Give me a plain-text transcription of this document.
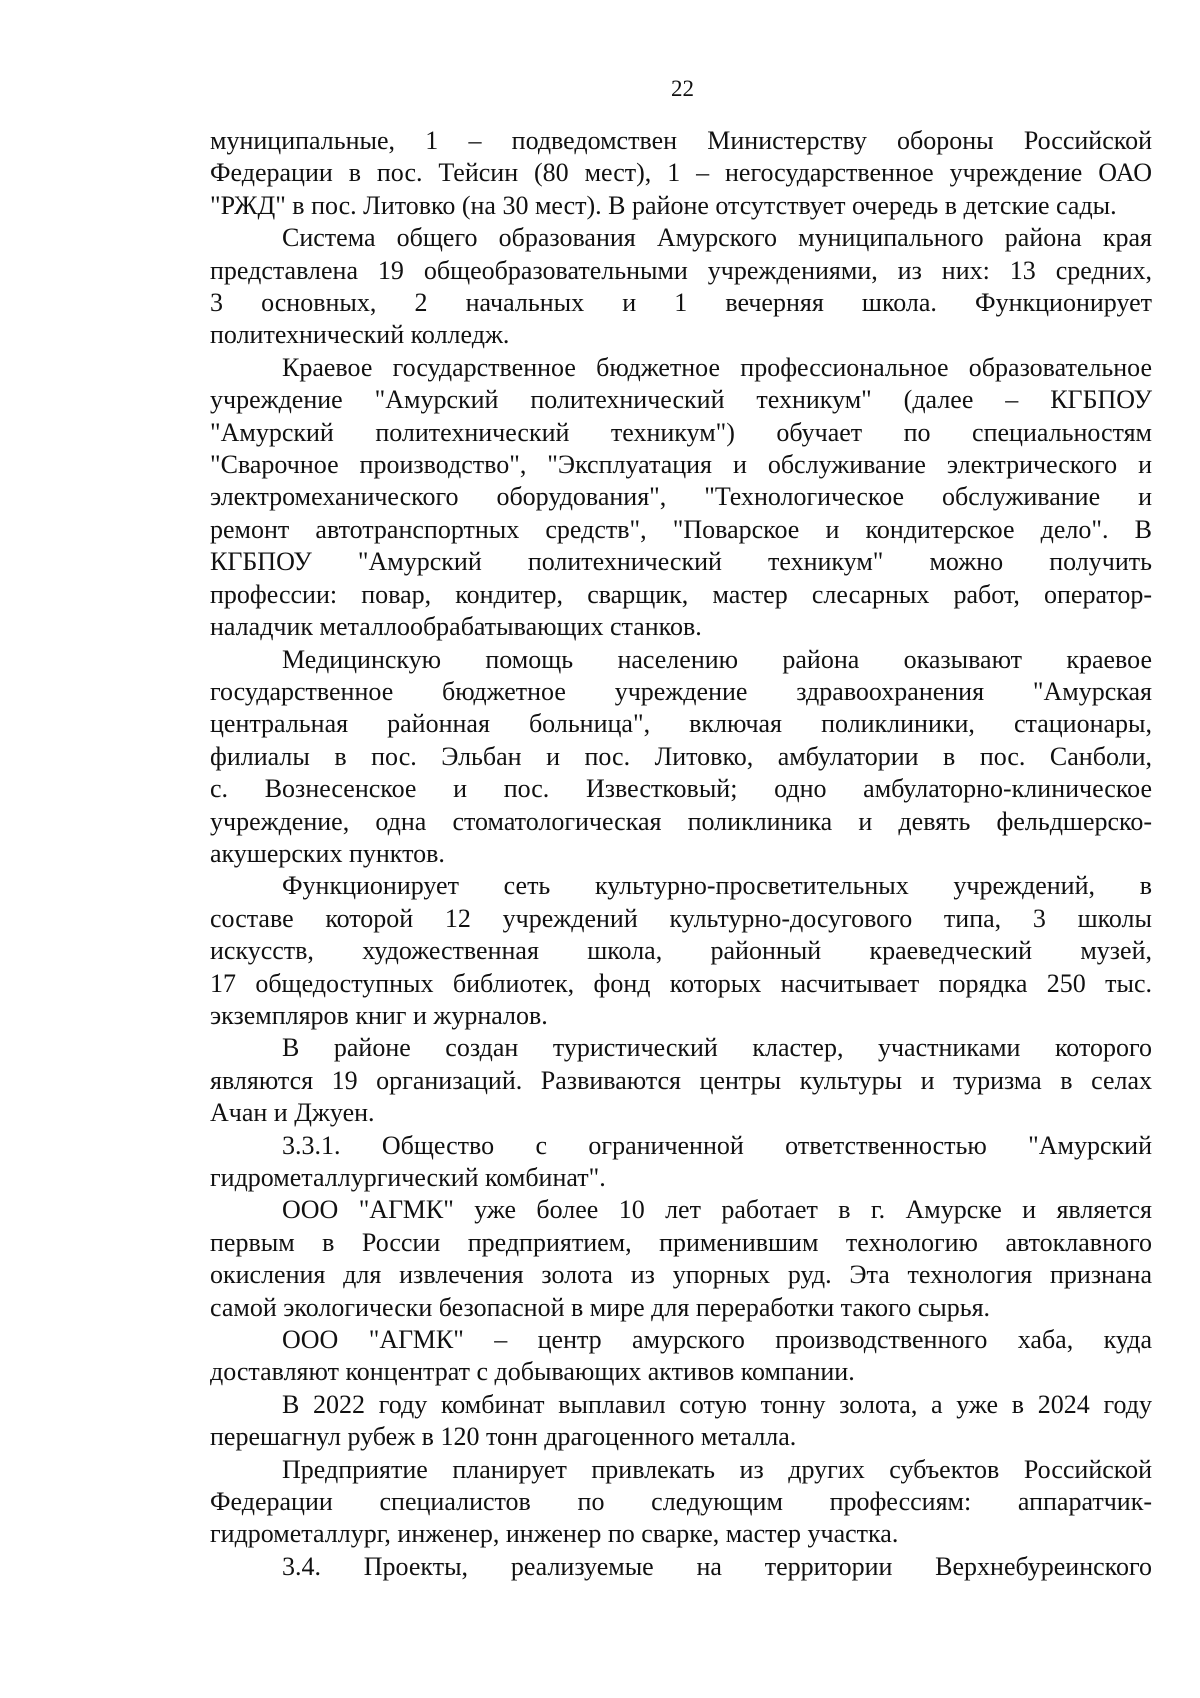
22
муниципальные, 1 – подведомствен Министерству обороны Российской
Федерации в пос. Тейсин (80 мест), 1 – негосударственное учреждение ОАО
"РЖД" в пос. Литовко (на 30 мест). В районе отсутствует очередь в детские сады.
Система общего образования Амурского муниципального района края
представлена 19 общеобразовательными учреждениями, из них: 13 средних,
3 основных, 2 начальных и 1 вечерняя школа. Функционирует
политехнический колледж.
Краевое государственное бюджетное профессиональное образовательное
учреждение "Амурский политехнический техникум" (далее – КГБПОУ
"Амурский политехнический техникум") обучает по специальностям
"Сварочное производство", "Эксплуатация и обслуживание электрического и
электромеханического оборудования", "Технологическое обслуживание и
ремонт автотранспортных средств", "Поварское и кондитерское дело". В
КГБПОУ "Амурский политехнический техникум" можно получить
профессии: повар, кондитер, сварщик, мастер слесарных работ, оператор-
наладчик металлообрабатывающих станков.
Медицинскую помощь населению района оказывают краевое
государственное бюджетное учреждение здравоохранения "Амурская
центральная районная больница", включая поликлиники, стационары,
филиалы в пос. Эльбан и пос. Литовко, амбулатории в пос. Санболи,
с. Вознесенское и пос. Известковый; одно амбулаторно-клиническое
учреждение, одна стоматологическая поликлиника и девять фельдшерско-
акушерских пунктов.
Функционирует сеть культурно-просветительных учреждений, в
составе которой 12 учреждений культурно-досугового типа, 3 школы
искусств, художественная школа, районный краеведческий музей,
17 общедоступных библиотек, фонд которых насчитывает порядка 250 тыс.
экземпляров книг и журналов.
В районе создан туристический кластер, участниками которого
являются 19 организаций. Развиваются центры культуры и туризма в селах
Ачан и Джуен.
3.3.1. Общество с ограниченной ответственностью "Амурский
гидрометаллургический комбинат".
ООО "АГМК" уже более 10 лет работает в г. Амурске и является
первым в России предприятием, применившим технологию автоклавного
окисления для извлечения золота из упорных руд. Эта технология признана
самой экологически безопасной в мире для переработки такого сырья.
ООО "АГМК" – центр амурского производственного хаба, куда
доставляют концентрат с добывающих активов компании.
В 2022 году комбинат выплавил сотую тонну золота, а уже в 2024 году
перешагнул рубеж в 120 тонн драгоценного металла.
Предприятие планирует привлекать из других субъектов Российской
Федерации специалистов по следующим профессиям: аппаратчик-
гидрометаллург, инженер, инженер по сварке, мастер участка.
3.4. Проекты, реализуемые на территории Верхнебуреинского
